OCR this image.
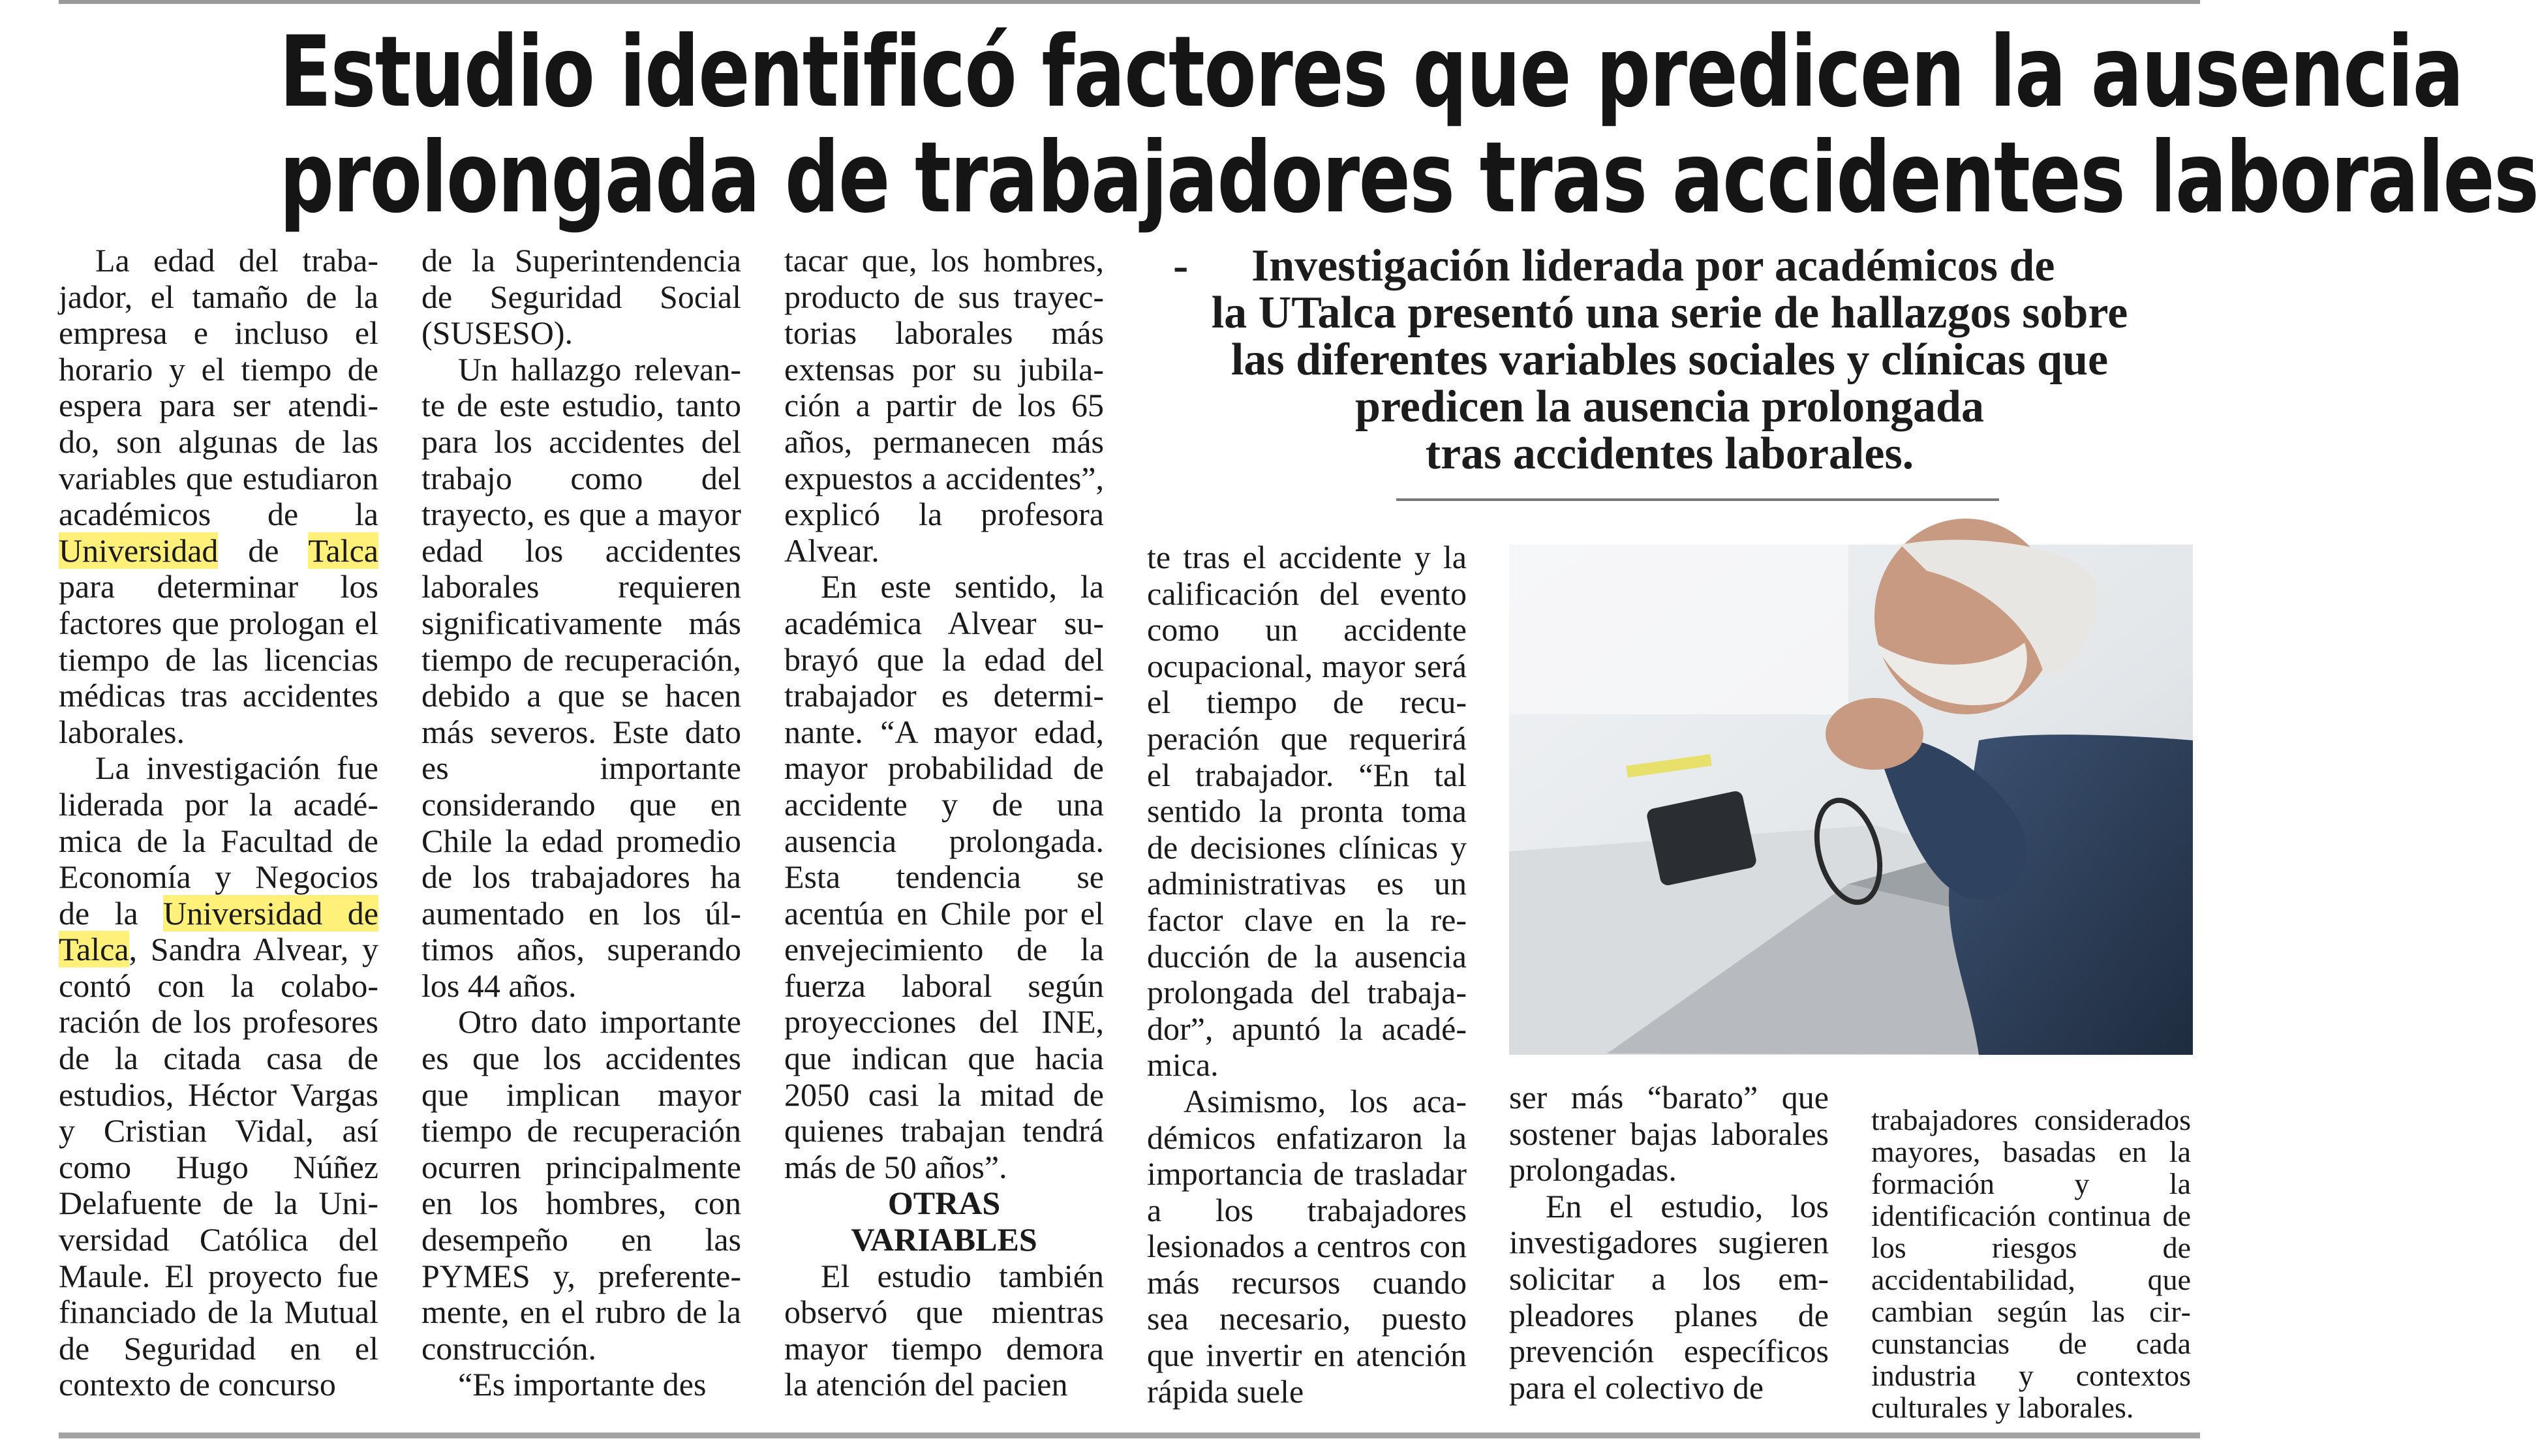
Estudio identificó factores que predicen la ausencia
prolongada de trabajadores tras accidentes laborales

La edad del trabajador, el tamaño de la empresa e incluso el horario y el tiempo de espera para ser atendido, son algunas de las variables que estudiaron académicos de la Universidad de Talca para determinar los factores que prologan el tiempo de las licencias médicas tras accidentes laborales.

La investigación fue liderada por la académica de la Facultad de Economía y Negocios de la Universidad de Talca, Sandra Alvear, y contó con la colaboración de los profesores de la citada casa de estudios, Héctor Vargas y Cristian Vidal, así como Hugo Núñez Delafuente de la Universidad Católica del Maule. El proyecto fue financiado de la Mutual de Seguridad en el contexto de concurso

de la Superintendencia de Seguridad Social (SUSESO).

Un hallazgo relevante de este estudio, tanto para los accidentes del trabajo como del trayecto, es que a mayor edad los accidentes laborales requieren significativamente más tiempo de recuperación, debido a que se hacen más severos. Este dato es importante considerando que en Chile la edad promedio de los trabajadores ha aumentado en los últimos años, superando los 44 años.

Otro dato importante es que los accidentes que implican mayor tiempo de recuperación ocurren principalmente en los hombres, con desempeño en las PYMES y, preferentemente, en el rubro de la construcción.

“Es importante des

tacar que, los hombres, producto de sus trayectorias laborales más extensas por su jubilación a partir de los 65 años, permanecen más expuestos a accidentes”, explicó la profesora Alvear.

En este sentido, la académica Alvear subrayó que la edad del trabajador es determinante. “A mayor edad, mayor probabilidad de accidente y de una ausencia prolongada. Esta tendencia se acentúa en Chile por el envejecimiento de la fuerza laboral según proyecciones del INE, que indican que hacia 2050 casi la mitad de quienes trabajan tendrá más de 50 años”.

OTRAS

VARIABLES

El estudio también observó que mientras mayor tiempo demora la atención del pacien

- Investigación liderada por académicos de
la UTalca presentó una serie de hallazgos sobre
las diferentes variables sociales y clínicas que
predicen la ausencia prolongada
tras accidentes laborales.

te tras el accidente y la calificación del evento como un accidente ocupacional, mayor será el tiempo de recuperación que requerirá el trabajador. “En tal sentido la pronta toma de decisiones clínicas y administrativas es un factor clave en la reducción de la ausencia prolongada del trabajador”, apuntó la académica.

Asimismo, los académicos enfatizaron la importancia de trasladar a los trabajadores lesionados a centros con más recursos cuando sea necesario, puesto que invertir en atención rápida suele

ser más “barato” que sostener bajas laborales prolongadas.

En el estudio, los investigadores sugieren solicitar a los empleadores planes de prevención específicos para el colectivo de

trabajadores considerados mayores, basadas en la formación y la identificación continua de los riesgos de accidentabilidad, que cambian según las circunstancias de cada industria y contextos culturales y laborales.
